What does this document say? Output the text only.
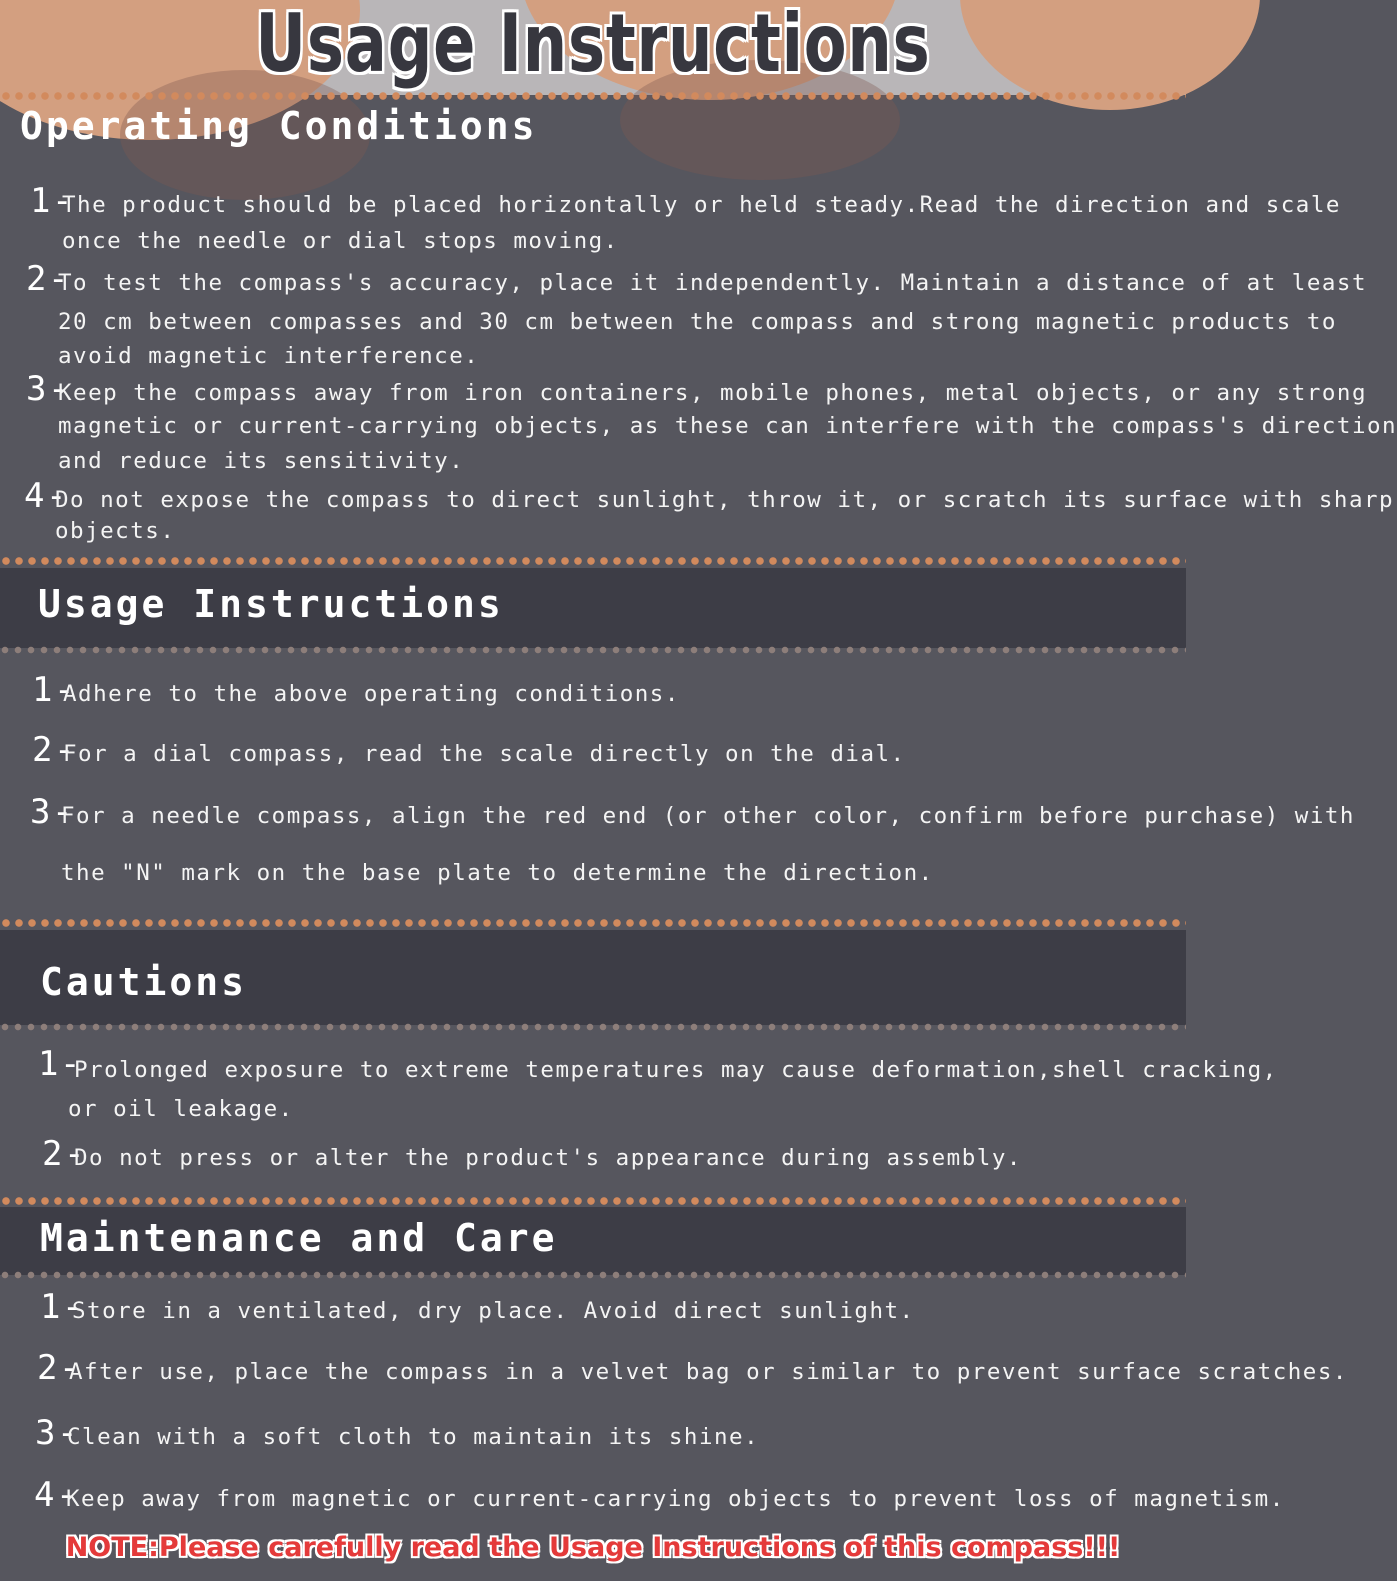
Usage Instructions
Operating Conditions
1-
The product should be placed horizontally or held steady.Read the direction and scale
once the needle or dial stops moving.
2-
To test the compass's accuracy, place it independently. Maintain a distance of at least
20 cm between compasses and 30 cm between the compass and strong magnetic products to
avoid magnetic interference.
3-
Keep the compass away from iron containers, mobile phones, metal objects, or any strong
magnetic or current-carrying objects, as these can interfere with the compass's direction
and reduce its sensitivity.
4-
Do not expose the compass to direct sunlight, throw it, or scratch its surface with sharp
objects.
Usage Instructions
1-
Adhere to the above operating conditions.
2-
For a dial compass, read the scale directly on the dial.
3-
For a needle compass, align the red end (or other color, confirm before purchase) with
the "N" mark on the base plate to determine the direction.
Cautions
1-
Prolonged exposure to extreme temperatures may cause deformation,shell cracking,
or oil leakage.
2-
Do not press or alter the product's appearance during assembly.
Maintenance and Care
1-
Store in a ventilated, dry place. Avoid direct sunlight.
2-
After use, place the compass in a velvet bag or similar to prevent surface scratches.
3-
Clean with a soft cloth to maintain its shine.
4-
Keep away from magnetic or current-carrying objects to prevent loss of magnetism.
NOTE:Please carefully read the Usage Instructions of this compass!!!
